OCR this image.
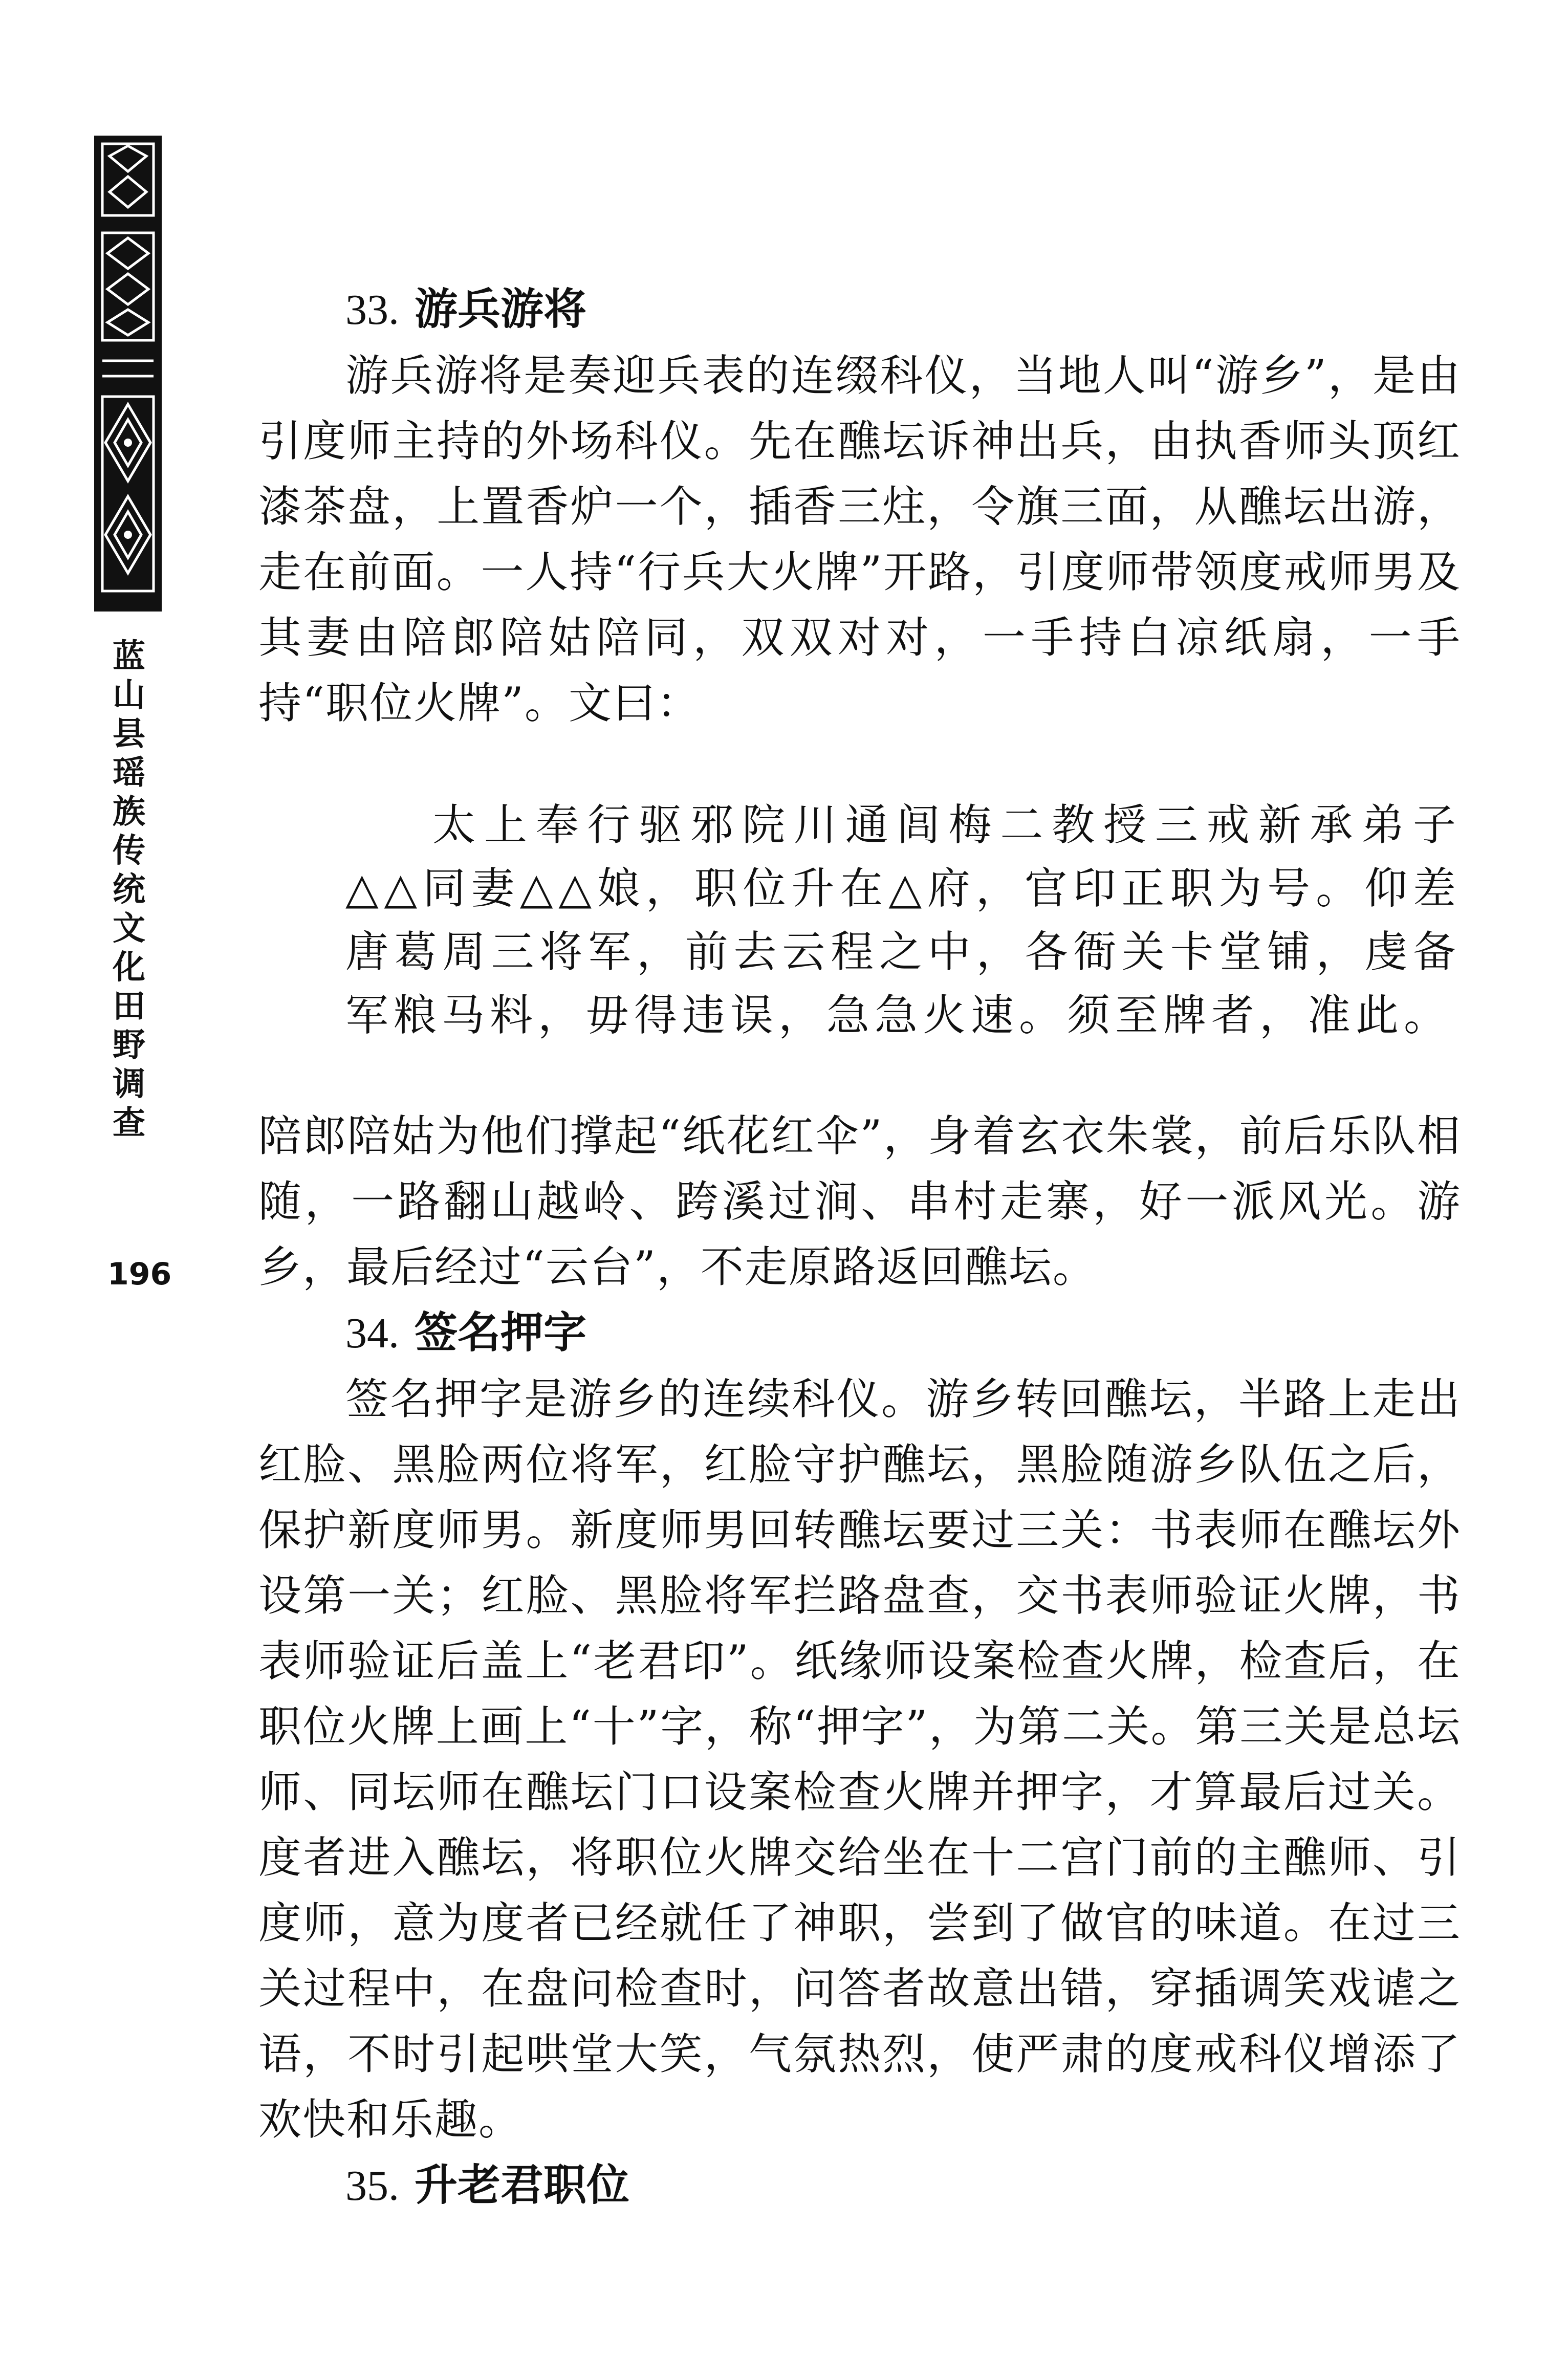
蓝
山
县
瑶
族
传
统
文
化
田
野
调
查
196
33. 游兵游将

游兵游将是奏迎兵表的连缀科仪，当地人叫“游乡”，是由引度师主持的外场科仪。先在醮坛诉神出兵，由执香师头顶红漆茶盘，上置香炉一个，插香三炷，令旗三面，从醮坛出游，走在前面。一人持“行兵大火牌”开路，引度师带领度戒师男及其妻由陪郎陪姑陪同，双双对对，一手持白凉纸扇，一手持“职位火牌”。文曰：

太上奉行驱邪院川通闾梅二教授三戒新承弟子△△同妻△△娘，职位升在△府，官印正职为号。仰差唐葛周三将军，前去云程之中，各衙关卡堂铺，虔备军粮马料，毋得违误，急急火速。须至牌者，准此。

陪郎陪姑为他们撑起“纸花红伞”，身着玄衣朱裳，前后乐队相随，一路翻山越岭、跨溪过涧、串村走寨，好一派风光。游乡，最后经过“云台”，不走原路返回醮坛。

34. 签名押字

签名押字是游乡的连续科仪。游乡转回醮坛，半路上走出红脸、黑脸两位将军，红脸守护醮坛，黑脸随游乡队伍之后，保护新度师男。新度师男回转醮坛要过三关：书表师在醮坛外设第一关；红脸、黑脸将军拦路盘查，交书表师验证火牌，书表师验证后盖上“老君印”。纸缘师设案检查火牌，检查后，在职位火牌上画上“十”字，称“押字”，为第二关。第三关是总坛师、同坛师在醮坛门口设案检查火牌并押字，才算最后过关。度者进入醮坛，将职位火牌交给坐在十二宫门前的主醮师、引度师，意为度者已经就任了神职，尝到了做官的味道。在过三关过程中，在盘问检查时，问答者故意出错，穿插调笑戏谑之语，不时引起哄堂大笑，气氛热烈，使严肃的度戒科仪增添了欢快和乐趣。

35. 升老君职位
